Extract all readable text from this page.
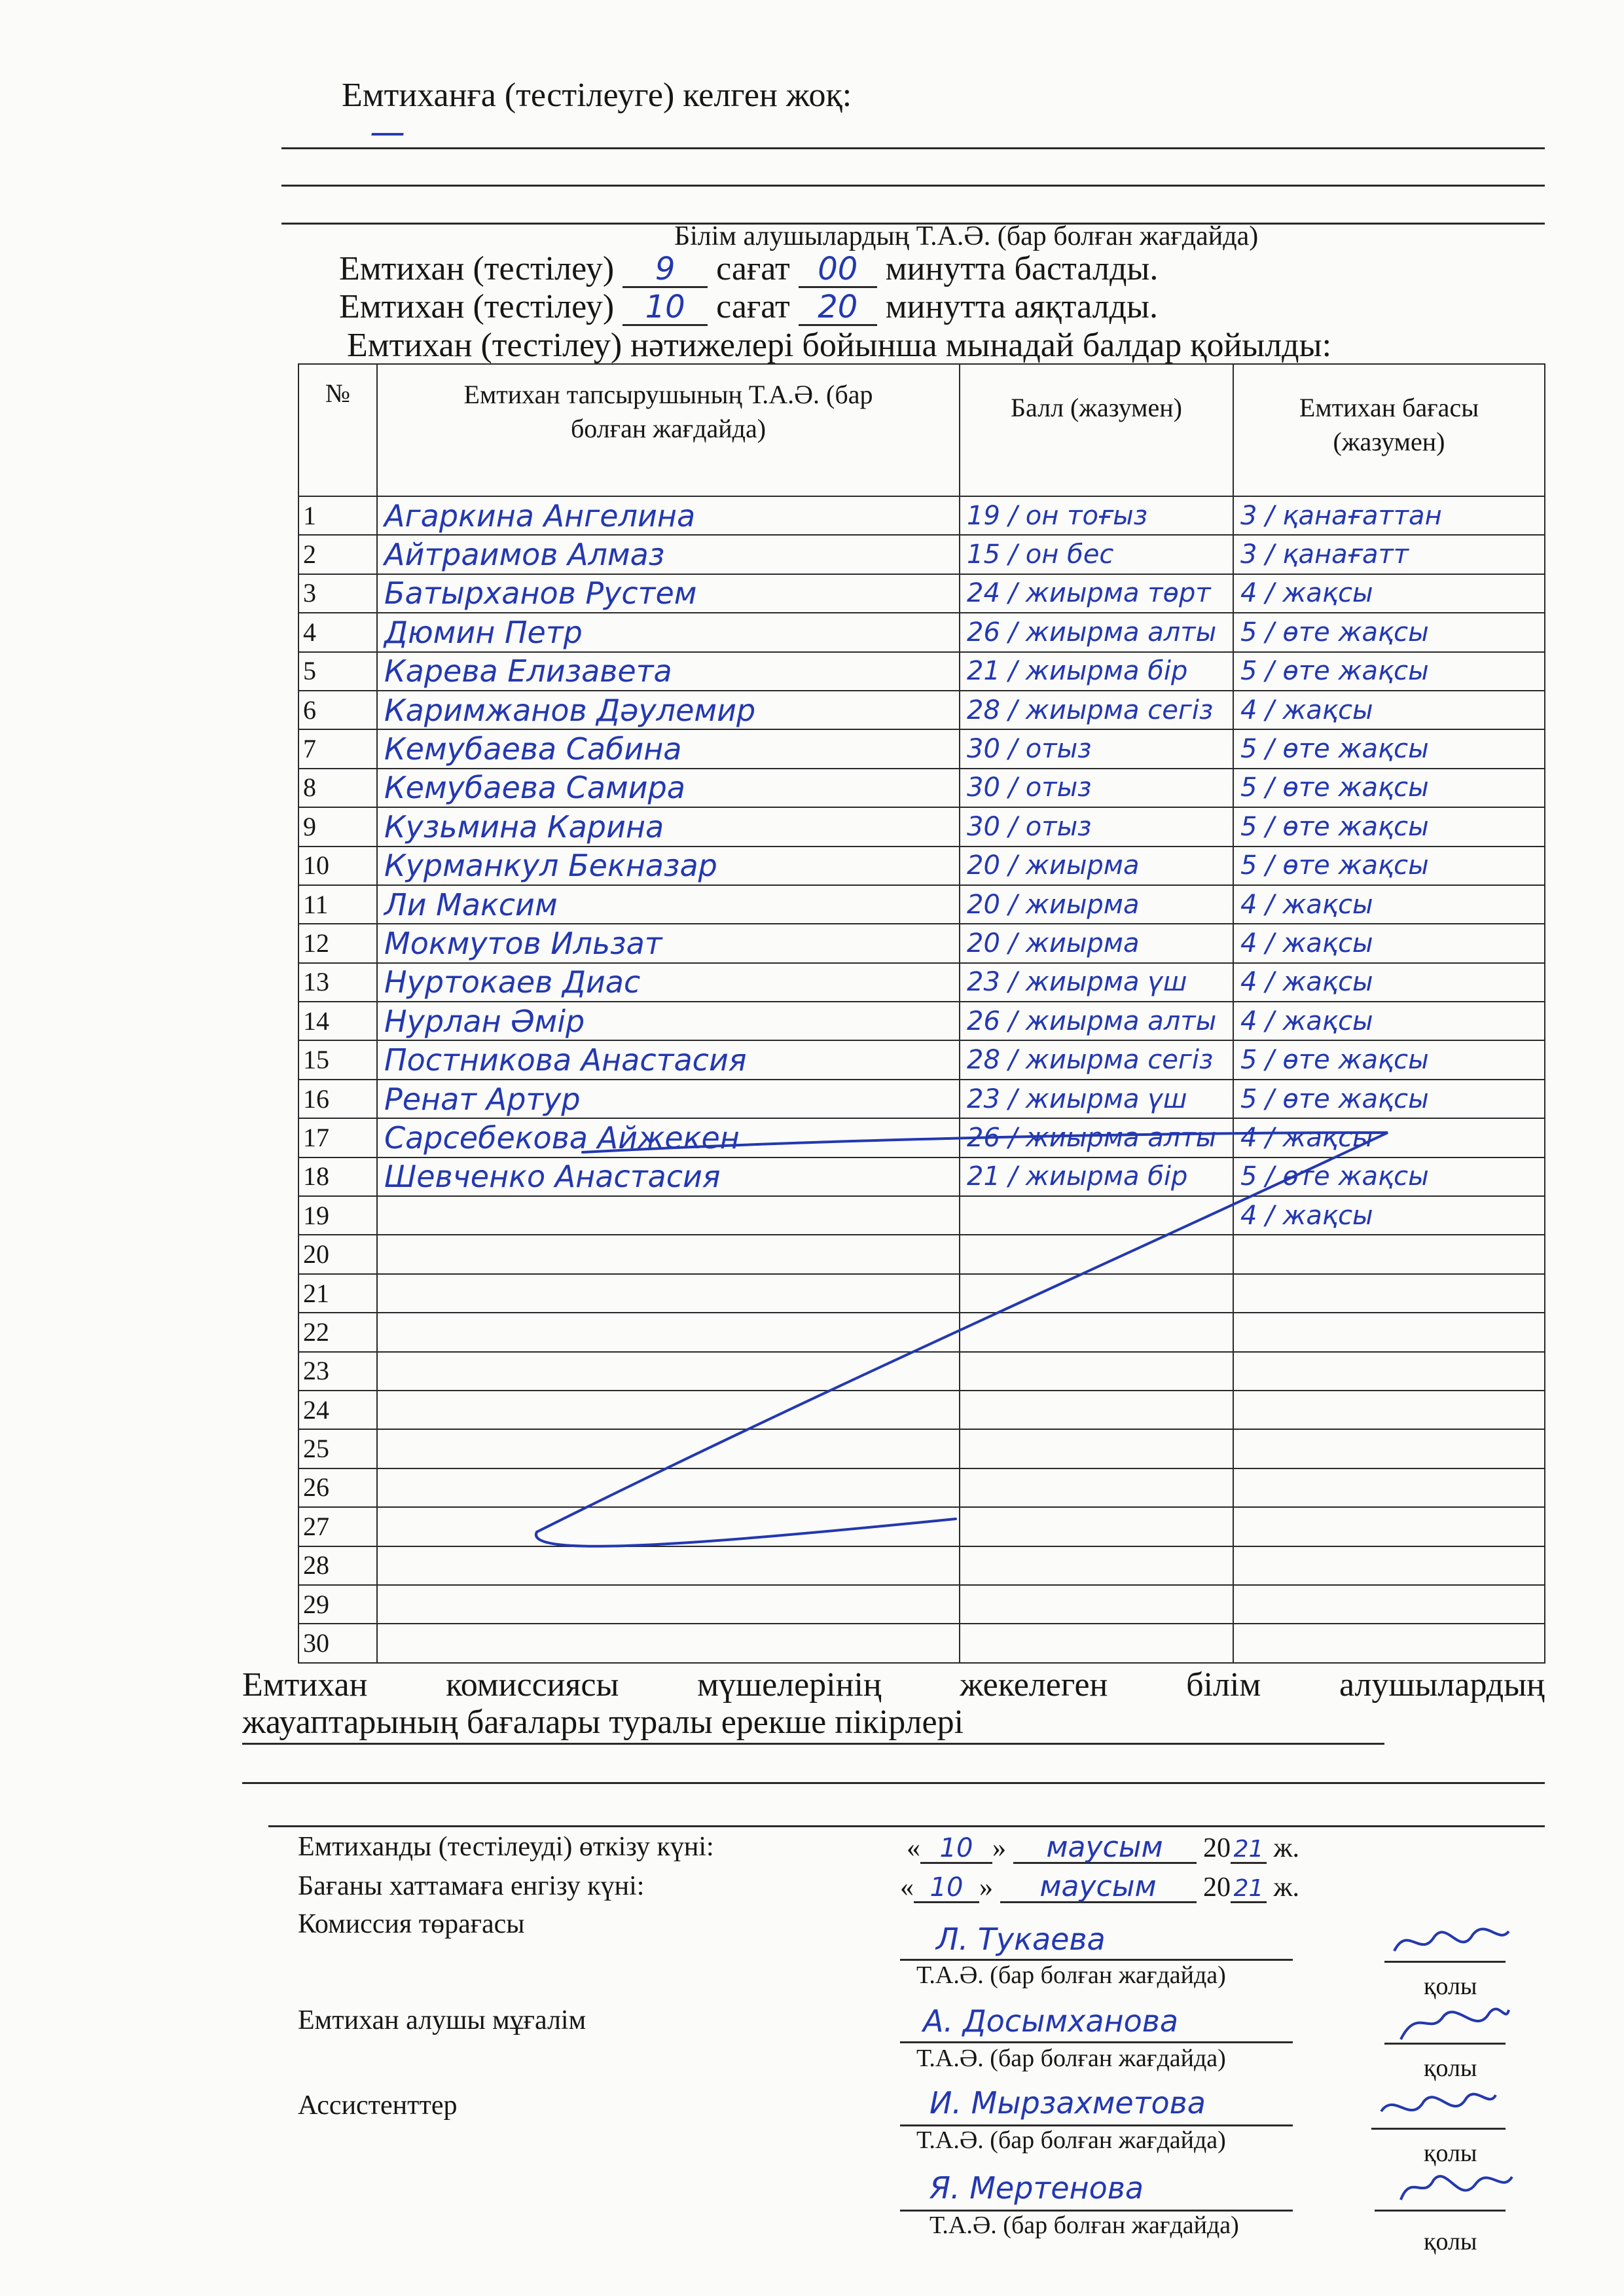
Емтиханға (тестілеуге) келген жоқ:
—
Білім алушылардың Т.А.Ә. (бар болған жағдайда)
Емтихан (тестілеу) 9 сағат 00 минутта басталды.
Емтихан (тестілеу) 10 сағат 20 минутта аяқталды.
Емтихан (тестілеу) нәтижелері бойынша мынадай балдар қойылды:
№	Емтихан тапсырушының Т.А.Ә. (бар болған жағдайда)	Балл (жазумен)	Емтихан бағасы (жазумен)
1	Агаркина Ангелина	19 / он тоғыз	3 / қанағаттан

2	Айтраимов Алмаз	15 / он бес	3 / қанағатт

3	Батырханов Рустем	24 / жиырма төрт	4 / жақсы

4	Дюмин Петр	26 / жиырма алты	5 / өте жақсы

5	Карева Елизавета	21 / жиырма бір	5 / өте жақсы

6	Каримжанов Дәулемир	28 / жиырма сегіз	4 / жақсы

7	Кемубаева Сабина	30 / отыз	5 / өте жақсы

8	Кемубаева Самира	30 / отыз	5 / өте жақсы

9	Кузьмина Карина	30 / отыз	5 / өте жақсы

10	Курманкул Бекназар	20 / жиырма	5 / өте жақсы

11	Ли Максим	20 / жиырма	4 / жақсы

12	Мокмутов Ильзат	20 / жиырма	4 / жақсы

13	Нуртокаев Диас	23 / жиырма үш	4 / жақсы

14	Нурлан Әмір	26 / жиырма алты	4 / жақсы

15	Постникова Анастасия	28 / жиырма сегіз	5 / өте жақсы

16	Ренат Артур	23 / жиырма үш	5 / өте жақсы

17	Сарсебекова Айжекен	26 / жиырма алты	4 / жақсы

18	Шевченко Анастасия	21 / жиырма бір	5 / өте жақсы

19			4 / жақсы

20	

21	

22	

23	

24	

25	

26	

27	

28	

29	

30	

Емтихан комиссиясы мүшелерінің жекелеген білім алушылардың
жауаптарының бағалары туралы ерекше пікірлері
Емтиханды (тестілеуді) өткізу күні:	« 10 » маусым 20 21 ж.
Бағаны хаттамаға енгізу күні:	« 10 » маусым 20 21 ж.
Комиссия төрағасы
Емтихан алушы мұғалім
Ассистенттер
Л. Тукаева
Т.А.Ә. (бар болған жағдайда)	қолы
А. Досымханова
Т.А.Ә. (бар болған жағдайда)	қолы
И. Мырзахметова
Т.А.Ә. (бар болған жағдайда)	қолы
Я. Мертенова
Т.А.Ә. (бар болған жағдайда)
қолы
